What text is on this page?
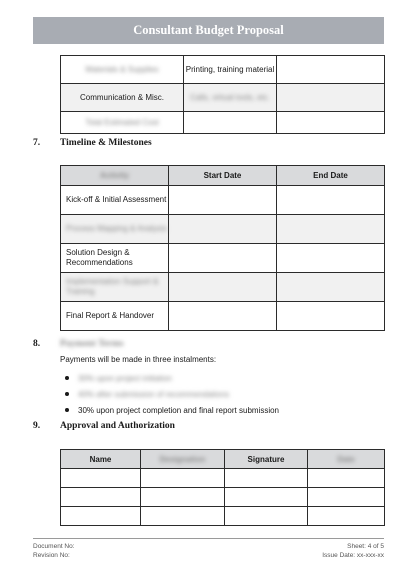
Consultant Budget Proposal
Materials & Supplies	Printing, training material	
Communication & Misc.	Calls, virtual tools, etc.	
Total Estimated Cost		
7. Timeline & Milestones
Activity	Start Date	End Date
Kick-off & Initial Assessment		
Process Mapping & Analysis		
Solution Design & Recommendations		
Implementation Support & Training		
Final Report & Handover		
8. Payment Terms
Payments will be made in three instalments:
30% upon project initiation
40% after submission of recommendations
30% upon project completion and final report submission
9. Approval and Authorization
Name	Designation	Signature	Date

Document No:
Revision No:
Sheet: 4 of 5
Issue Date: xx-xxx-xx
